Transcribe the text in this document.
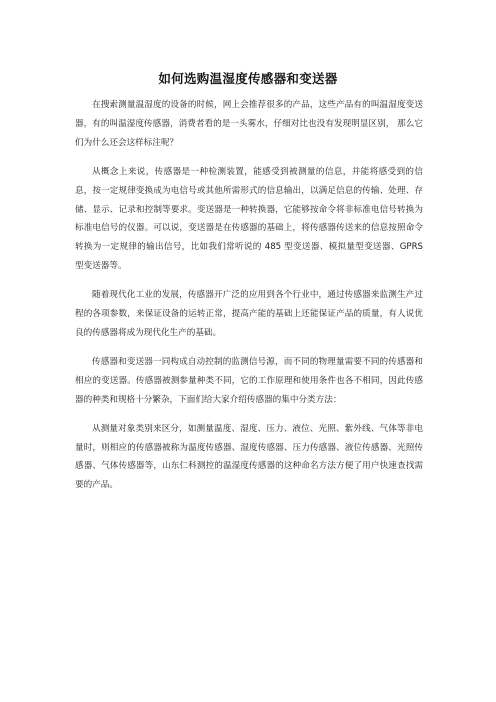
如何选购温湿度传感器和变送器

在搜索测量温湿度的设备的时候，网上会推荐很多的产品，这些产品有的叫温湿度变送器，有的叫温湿度传感器，消费者看的是一头雾水，仔细对比也没有发现明显区别， 那么它们为什么还会这样标注呢？

从概念上来说，传感器是一种检测装置，能感受到被测量的信息，并能将感受到的信息，按一定规律变换成为电信号或其他所需形式的信息输出，以满足信息的传输、处理、存储、显示、记录和控制等要求。变送器是一种转换器，它能够按命令将非标准电信号转换为标准电信号的仪器。可以说，变送器是在传感器的基础上，将传感器传送来的信息按照命令转换为一定规律的输出信号，比如我们常听说的 485 型变送器、模拟量型变送器、GPRS 型变送器等。

随着现代化工业的发展，传感器开广泛的应用到各个行业中，通过传感器来监测生产过程的各项参数，来保证设备的运转正常，提高产能的基础上还能保证产品的质量，有人说优良的传感器将成为现代化生产的基础。

传感器和变送器一同构成自动控制的监测信号源，而不同的物理量需要不同的传感器和相应的变送器。传感器被测参量种类不同，它的工作原理和使用条件也各不相同，因此传感器的种类和规格十分繁杂，下面们给大家介绍传感器的集中分类方法：

从测量对象类别来区分，如测量温度、湿度、压力、液位、光照、紫外线、气体等非电量时，则相应的传感器被称为温度传感器、湿度传感器、压力传感器、液位传感器、光照传感器、气体传感器等，山东仁科测控的温湿度传感器的这种命名方法方便了用户快速查找需要的产品。
